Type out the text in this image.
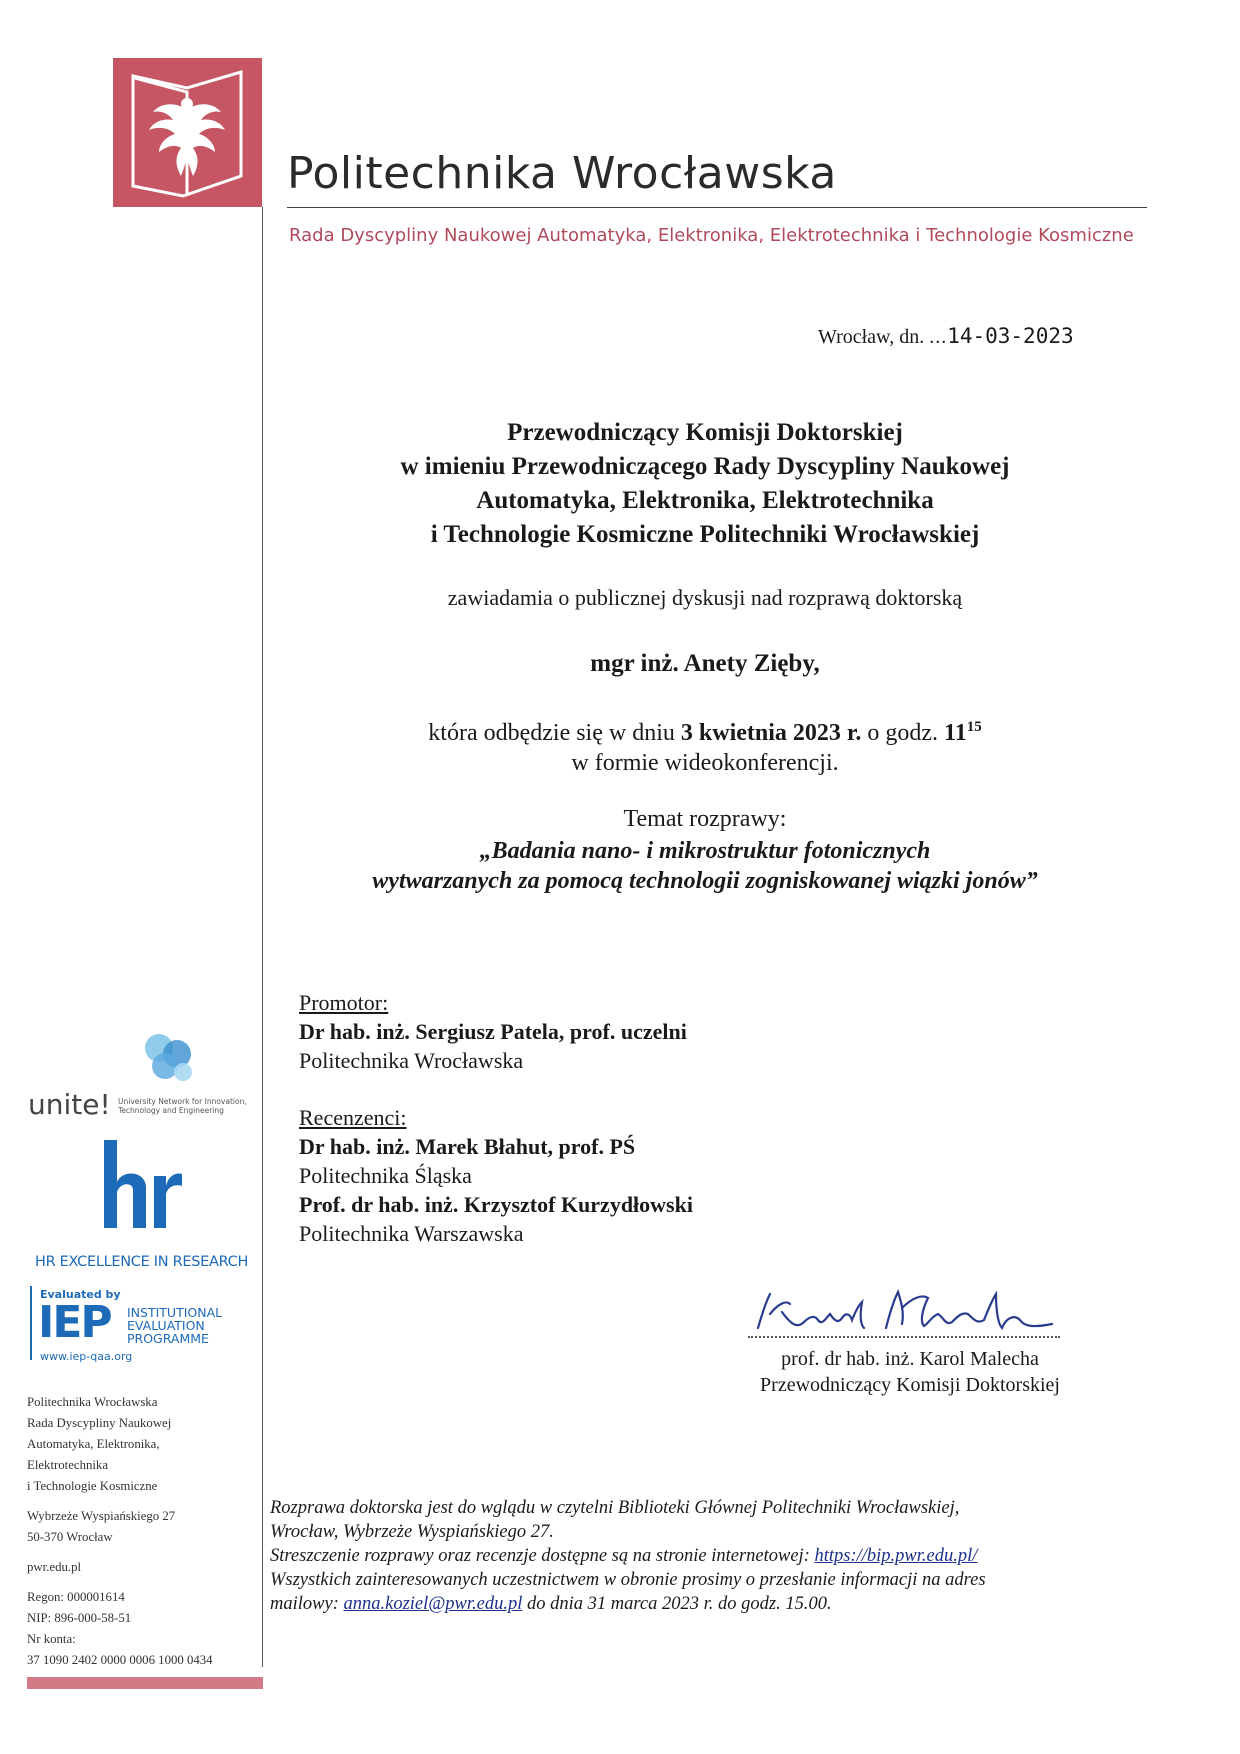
Politechnika Wrocławska
Rada Dyscypliny Naukowej Automatyka, Elektronika, Elektrotechnika i Technologie Kosmiczne
Wrocław, dn. ...14-03-2023
Przewodniczący Komisji Doktorskiej
w imieniu Przewodniczącego Rady Dyscypliny Naukowej
Automatyka, Elektronika, Elektrotechnika
i Technologie Kosmiczne Politechniki Wrocławskiej
zawiadamia o publicznej dyskusji nad rozprawą doktorską
mgr inż. Anety Zięby,
która odbędzie się w dniu 3 kwietnia 2023 r. o godz. $11^{15}$
w formie wideokonferencji.
Temat rozprawy:
„Badania nano- i mikrostruktur fotonicznych
wytwarzanych za pomocą technologii zogniskowanej wiązki jonów”
Promotor:
Dr hab. inż. Sergiusz Patela, prof. uczelni
Politechnika Wrocławska
Recenzenci:
Dr hab. inż. Marek Błahut, prof. PŚ
Politechnika Śląska
Prof. dr hab. inż. Krzysztof Kurzydłowski
Politechnika Warszawska
prof. dr hab. inż. Karol Malecha
Przewodniczący Komisji Doktorskiej
Rozprawa doktorska jest do wglądu w czytelni Biblioteki Głównej Politechniki Wrocławskiej,
Wrocław, Wybrzeże Wyspiańskiego 27.
Streszczenie rozprawy oraz recenzje dostępne są na stronie internetowej: https://bip.pwr.edu.pl/
Wszystkich zainteresowanych uczestnictwem w obronie prosimy o przesłanie informacji na adres
mailowy: anna.koziel@pwr.edu.pl do dnia 31 marca 2023 r. do godz. 15.00.
unite! University Network for Innovation, Technology and Engineering
HR EXCELLENCE IN RESEARCH
Evaluated by
IEP INSTITUTIONAL
EVALUATION
PROGRAMME
www.iep-qaa.org
Politechnika Wrocławska
Rada Dyscypliny Naukowej
Automatyka, Elektronika,
Elektrotechnika
i Technologie Kosmiczne
Wybrzeże Wyspiańskiego 27
50-370 Wrocław
pwr.edu.pl
Regon: 000001614
NIP: 896-000-58-51
Nr konta:
37 1090 2402 0000 0006 1000 0434
